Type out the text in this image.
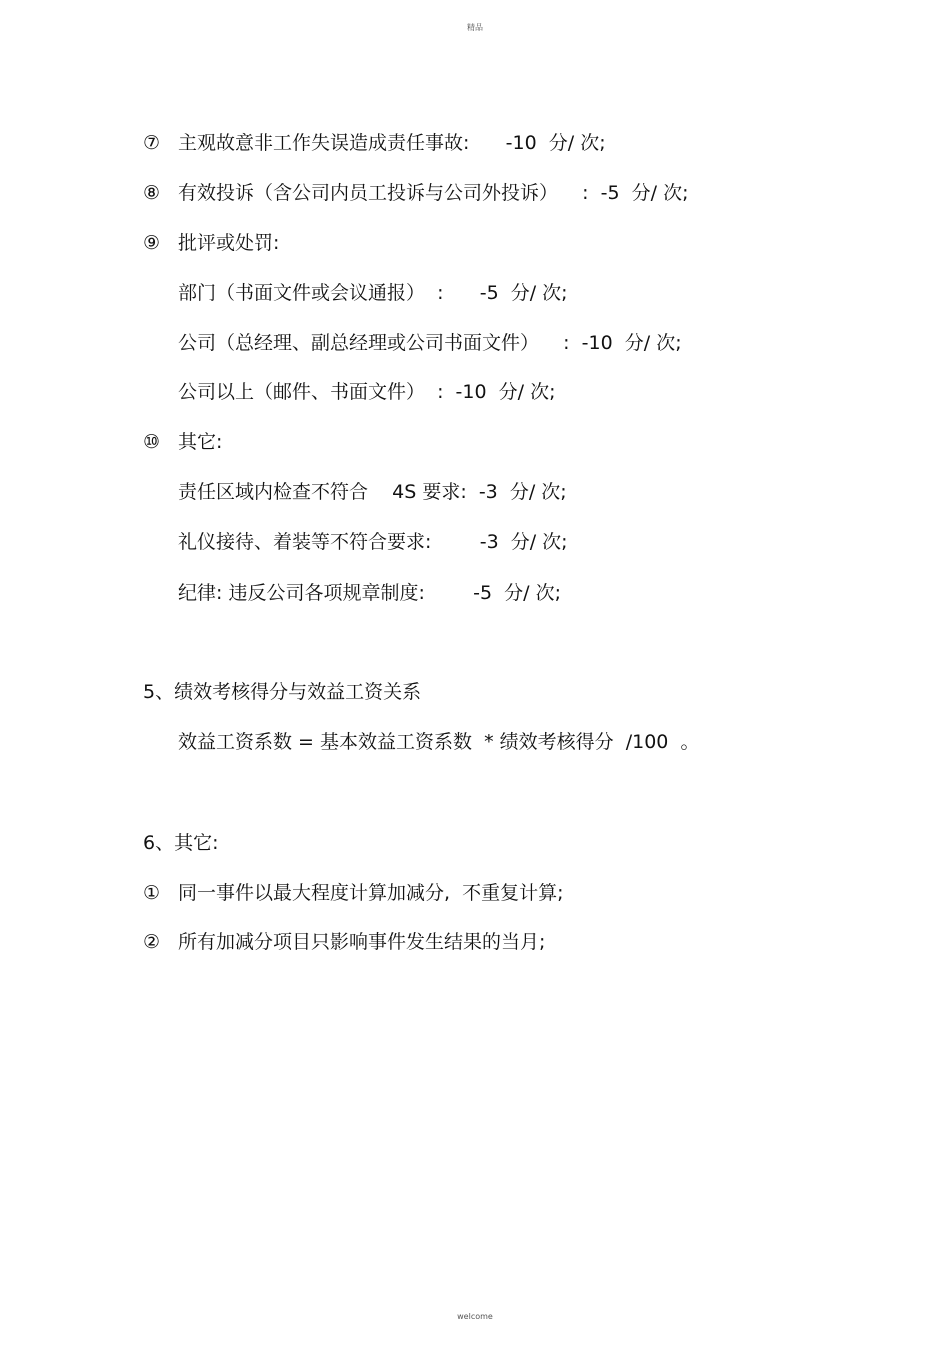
精品
⑦ 主观故意非工作失误造成责任事故:      -10  分/ 次;
⑧ 有效投诉（含公司内员工投诉与公司外投诉）    :  -5  分/ 次;
⑨ 批评或处罚:
部门（书面文件或会议通报）  :      -5  分/ 次;
公司（总经理、副总经理或公司书面文件）    :  -10  分/ 次;
公司以上（邮件、书面文件）  :  -10  分/ 次;
⑩ 其它:
责任区域内检查不符合    4S 要求:  -3  分/ 次;
礼仪接待、着装等不符合要求:        -3  分/ 次;
纪律: 违反公司各项规章制度:        -5  分/ 次;
5、绩效考核得分与效益工资关系
效益工资系数 = 基本效益工资系数  * 绩效考核得分  /100  。
6、其它:
① 同一事件以最大程度计算加减分,  不重复计算;
② 所有加减分项目只影响事件发生结果的当月;
welcome
